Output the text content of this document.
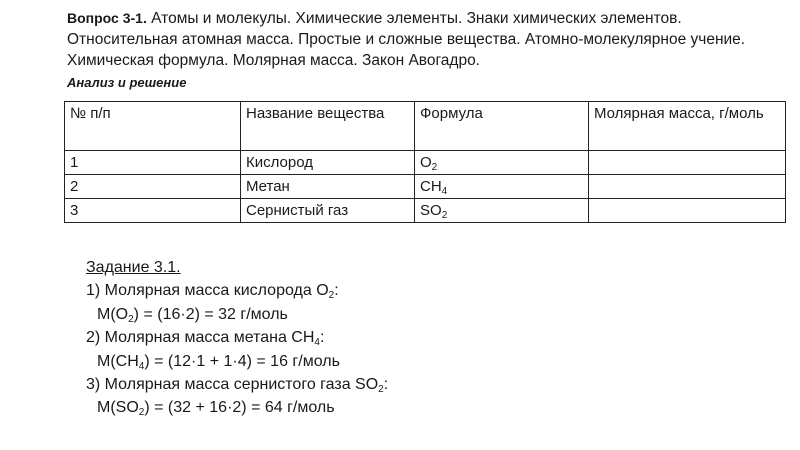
Вопрос 3-1. Атомы и молекулы. Химические элементы. Знаки химических элементов. Относительная атомная масса. Простые и сложные вещества. Атомно-молекулярное учение. Химическая формула. Молярная масса. Закон Авогадро.
Анализ и решение
№ п/п	Название вещества	Формула	Молярная масса, г/моль
1	Кислород	$O_2$	
2	Метан	$CH_4$	
3	Сернистый газ	$SO_2$	
Задание 3.1.
1) Молярная масса кислорода $O_2$:
$M(O_2) = (16\cdot 2) = 32$ г/моль
2) Молярная масса метана $CH_4$:
$M(CH_4) = (12\cdot 1 + 1\cdot 4) = 16$ г/моль
3) Молярная масса сернистого газа $SO_2$:
$M(SO_2) = (32 + 16\cdot 2) = 64$ г/моль
